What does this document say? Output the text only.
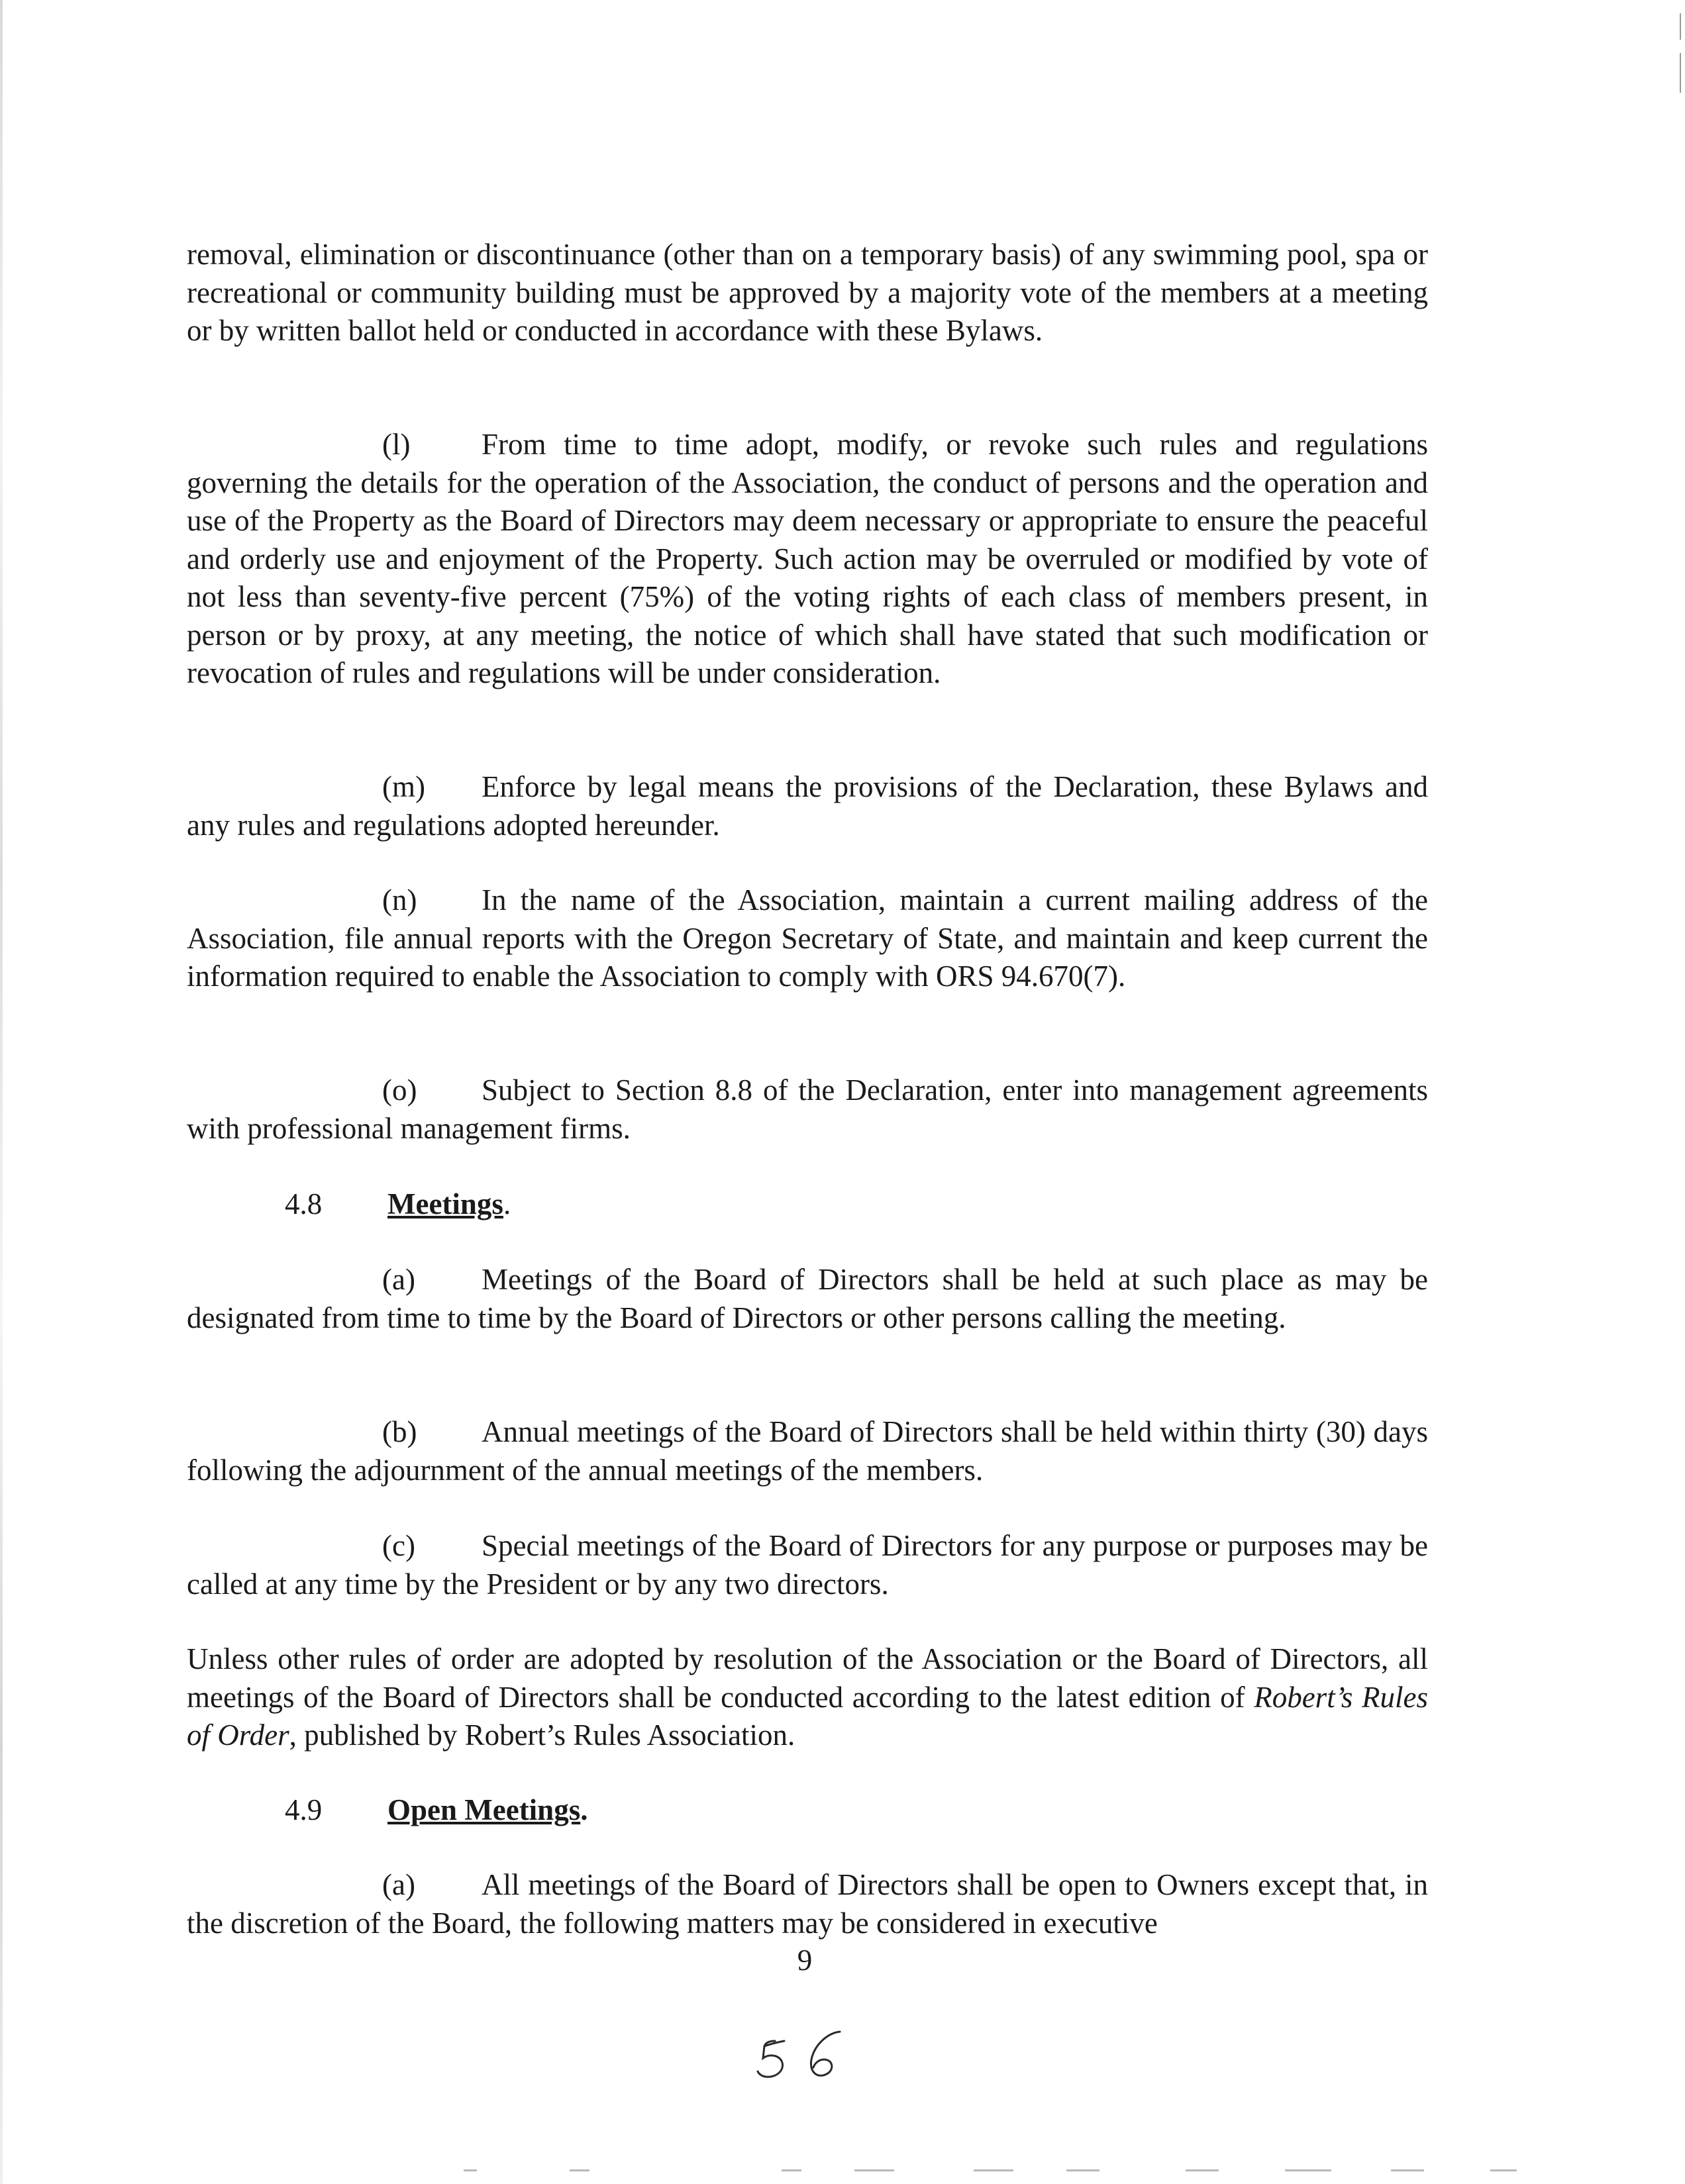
removal, elimination or discontinuance (other than on a temporary basis) of any swimming pool, spa or recreational or community building must be approved by a majority vote of the members at a meeting or by written ballot held or conducted in accordance with these Bylaws.

(l) From time to time adopt, modify, or revoke such rules and regulations governing the details for the operation of the Association, the conduct of persons and the operation and use of the Property as the Board of Directors may deem necessary or appropriate to ensure the peaceful and orderly use and enjoyment of the Property. Such action may be overruled or modified by vote of not less than seventy-five percent (75%) of the voting rights of each class of members present, in person or by proxy, at any meeting, the notice of which shall have stated that such modification or revocation of rules and regulations will be under consideration.

(m) Enforce by legal means the provisions of the Declaration, these Bylaws and any rules and regulations adopted hereunder.

(n) In the name of the Association, maintain a current mailing address of the Association, file annual reports with the Oregon Secretary of State, and maintain and keep current the information required to enable the Association to comply with ORS 94.670(7).

(o) Subject to Section 8.8 of the Declaration, enter into management agreements with professional management firms.

4.8 Meetings.

(a) Meetings of the Board of Directors shall be held at such place as may be designated from time to time by the Board of Directors or other persons calling the meeting.

(b) Annual meetings of the Board of Directors shall be held within thirty (30) days following the adjournment of the annual meetings of the members.

(c) Special meetings of the Board of Directors for any purpose or purposes may be called at any time by the President or by any two directors.

Unless other rules of order are adopted by resolution of the Association or the Board of Directors, all meetings of the Board of Directors shall be conducted according to the latest edition of Robert’s Rules of Order, published by Robert’s Rules Association.

4.9 Open Meetings.

(a) All meetings of the Board of Directors shall be open to Owners except that, in the discretion of the Board, the following matters may be considered in executive

9
